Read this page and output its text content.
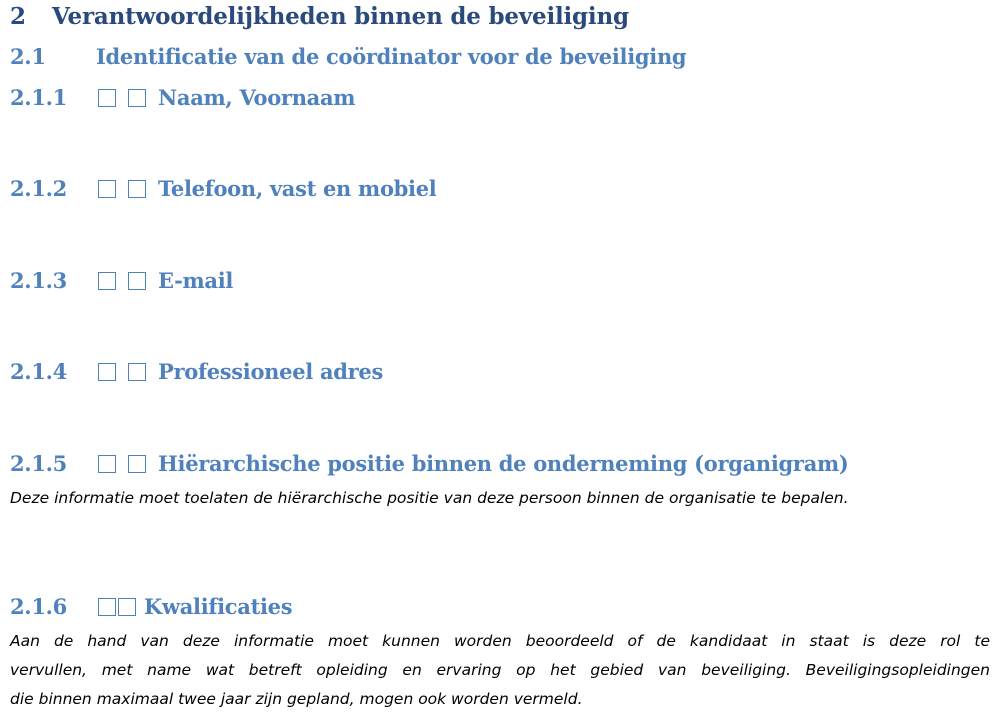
2 Verantwoordelijkheden binnen de beveiliging
2.1 Identificatie van de coördinator voor de beveiliging
2.1.1	Naam, Voornaam
2.1.2	Telefoon, vast en mobiel
2.1.3	E-mail
2.1.4	Professioneel adres
2.1.5	Hiërarchische positie binnen de onderneming (organigram)

Deze informatie moet toelaten de hiërarchische positie van deze persoon binnen de organisatie te bepalen.

2.1.6	Kwalificaties
Aan de hand van deze informatie moet kunnen worden beoordeeld of de kandidaat in staat is deze rol te
vervullen, met name wat betreft opleiding en ervaring op het gebied van beveiliging. Beveiligingsopleidingen
die binnen maximaal twee jaar zijn gepland, mogen ook worden vermeld.
